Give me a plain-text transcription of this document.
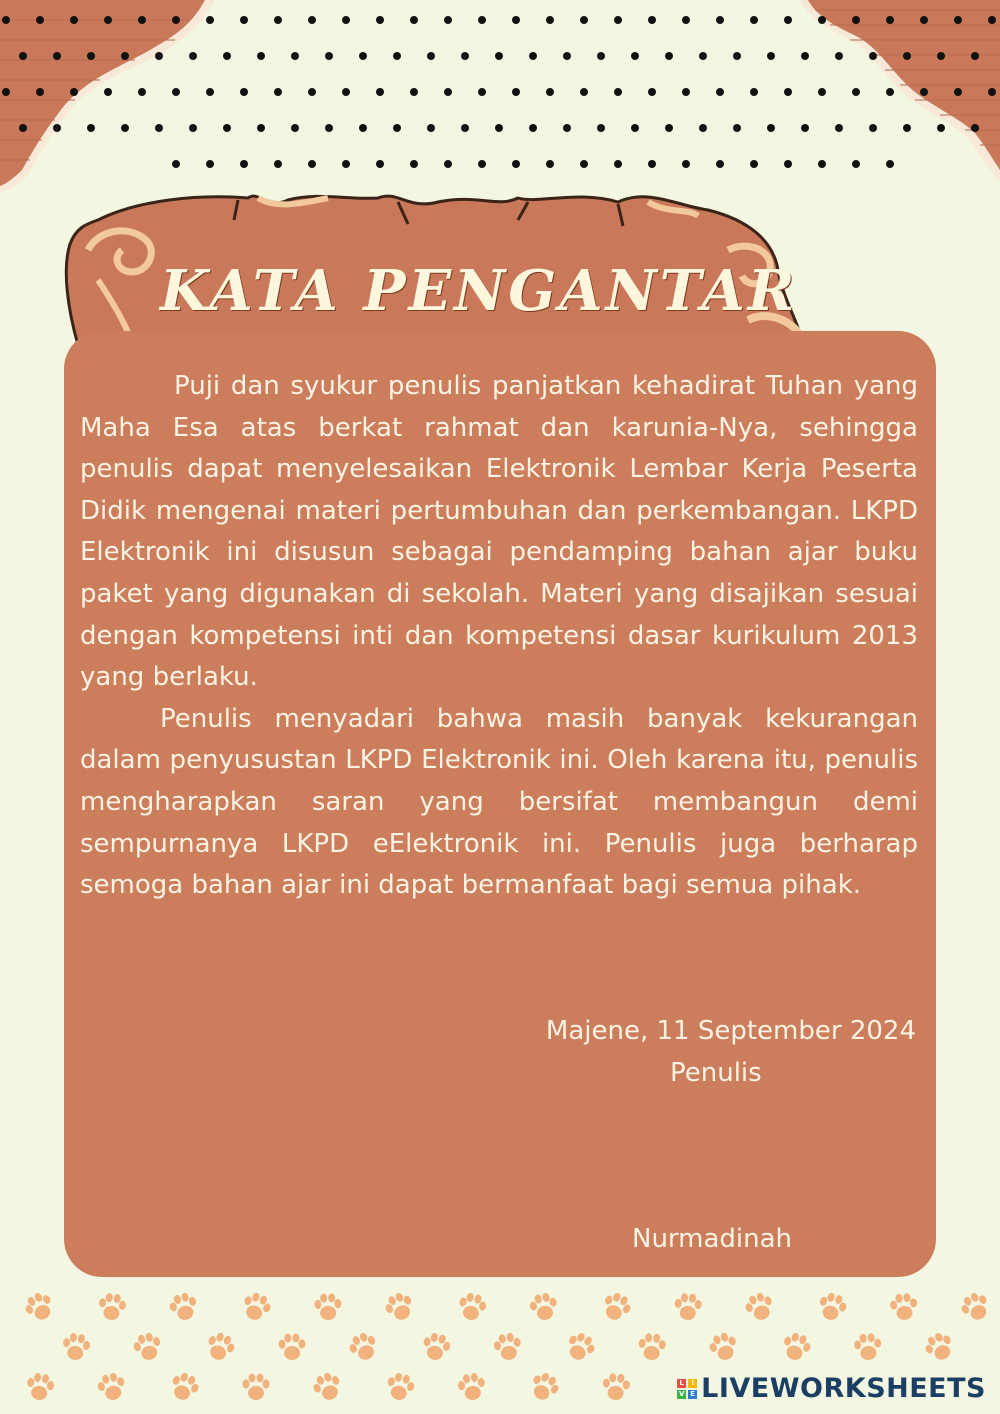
KATA PENGANTAR

Puji dan syukur penulis panjatkan kehadirat Tuhan yang Maha Esa atas berkat rahmat dan karunia-Nya, sehingga penulis dapat menyelesaikan Elektronik Lembar Kerja Peserta Didik mengenai materi pertumbuhan dan perkembangan. LKPD Elektronik ini disusun sebagai pendamping bahan ajar buku paket yang digunakan di sekolah. Materi yang disajikan sesuai dengan kompetensi inti dan kompetensi dasar kurikulum 2013 yang berlaku.

Penulis menyadari bahwa masih banyak kekurangan dalam penyusustan LKPD Elektronik ini. Oleh karena itu, penulis mengharapkan saran yang bersifat membangun demi sempurnanya LKPD eElektronik ini. Penulis juga berharap semoga bahan ajar ini dapat bermanfaat bagi semua pihak.

Majene, 11 September 2024
Penulis
Nurmadinah
L	I
V E LIVEWORKSHEETS
